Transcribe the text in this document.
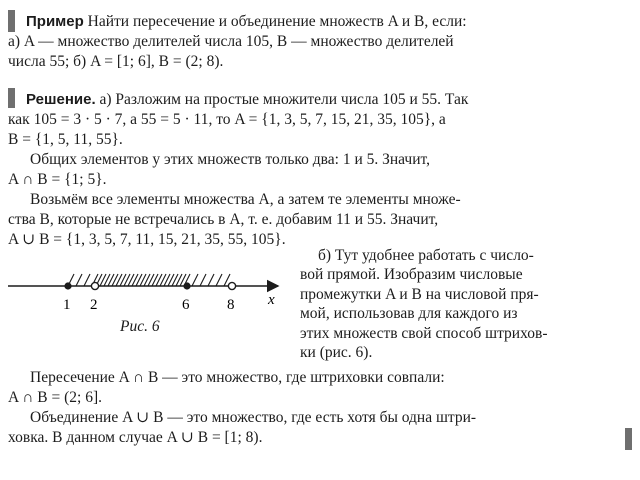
Пример Найти пересечение и объединение множеств A и B, если:

а) A — множество делителей числа 105, B — множество делителей

числа 55; б) A = [1; 6], B = (2; 8).

Решение. а) Разложим на простые множители числа 105 и 55. Так

как 105 = 3 · 5 · 7, а 55 = 5 · 11, то A = {1, 3, 5, 7, 15, 21, 35, 105}, а

B = {1, 5, 11, 55}.

Общих элементов у этих множеств только два: 1 и 5. Значит,

A ∩ B = {1; 5}.

Возьмём все элементы множества A, а затем те элементы множе-

ства B, которые не встречались в A, т. е. добавим 11 и 55. Значит,

A ∪ B = {1, 3, 5, 7, 11, 15, 21, 35, 55, 105}.

1 2	6	8 x
Рис. 6
б) Тут удобнее работать с число-
вой прямой. Изобразим числовые
промежутки A и B на числовой пря-
мой, использовав для каждого из
этих множеств свой способ штрихов-
ки (рис. 6).

Пересечение A ∩ B — это множество, где штриховки совпали:

A ∩ B = (2; 6].

Объединение A ∪ B — это множество, где есть хотя бы одна штри-

ховка. В данном случае A ∪ B = [1; 8).
